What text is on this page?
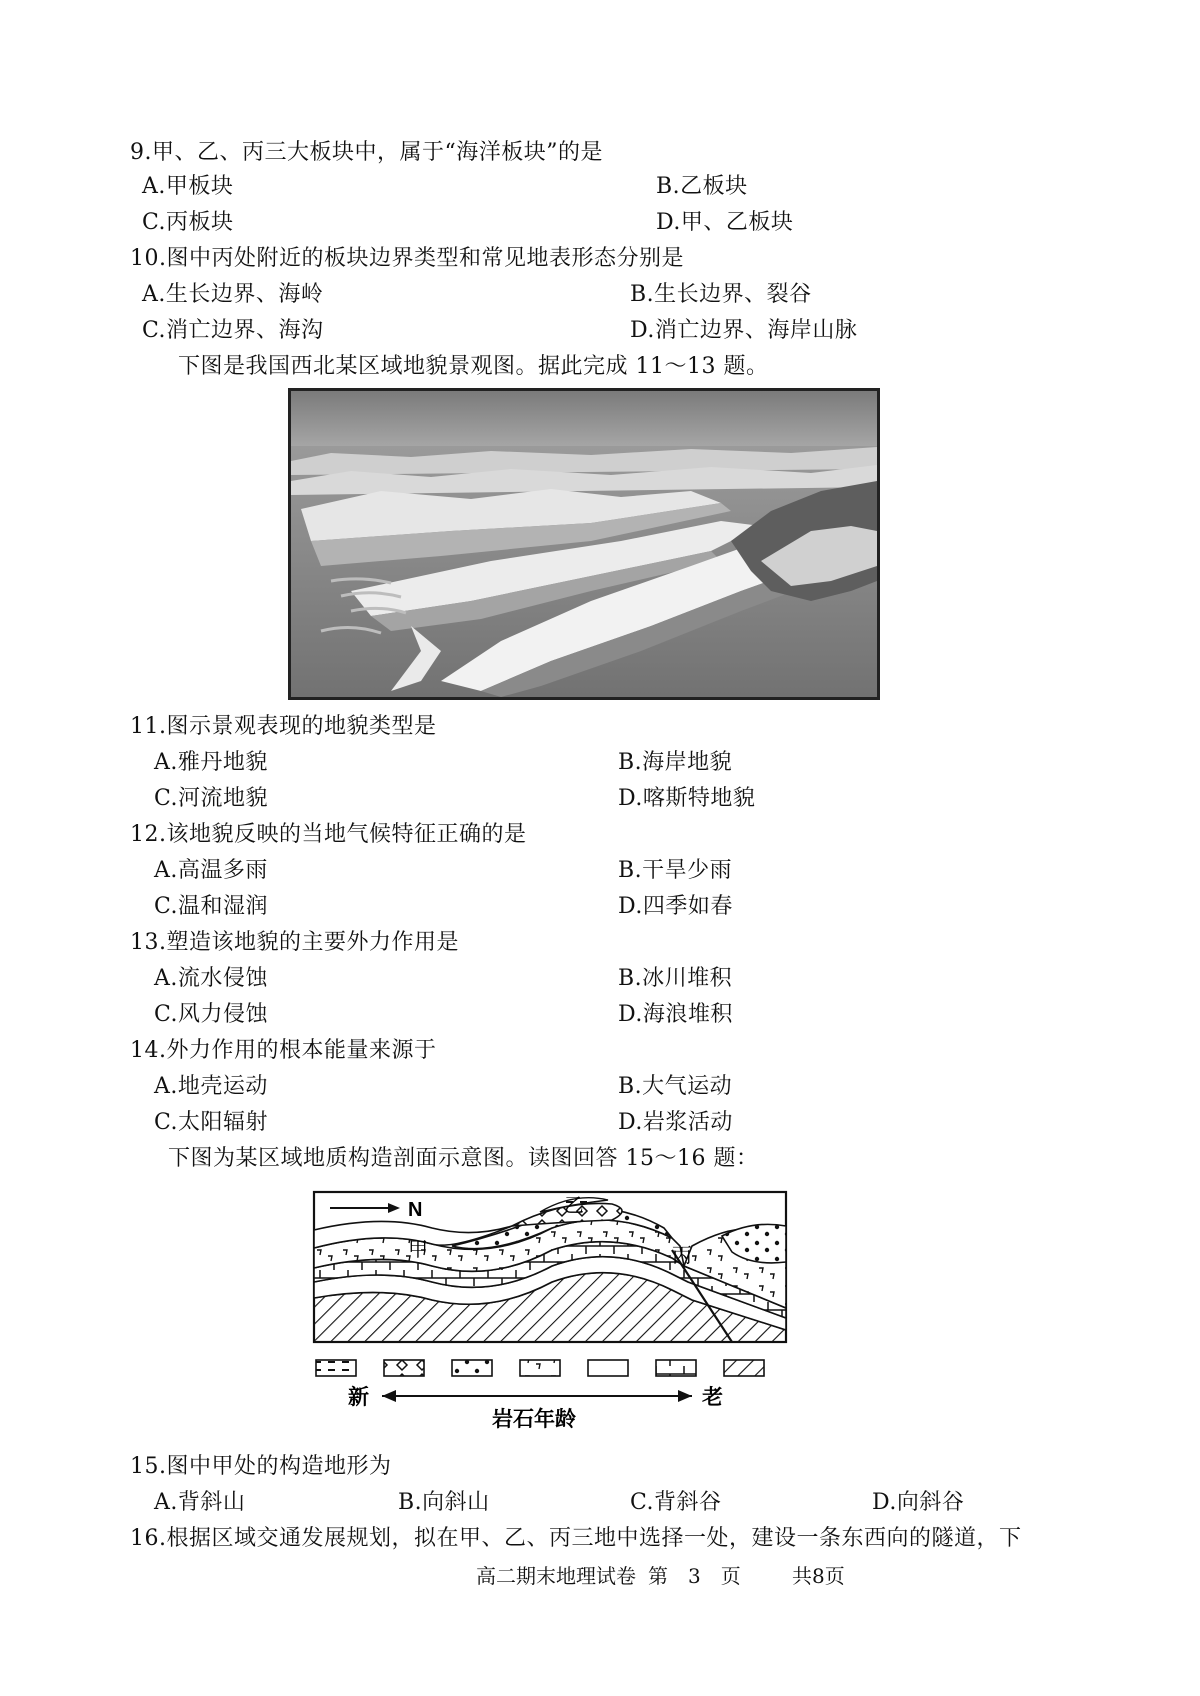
9.甲、乙、丙三大板块中，属于“海洋板块”的是
A.甲板块	B.乙板块
C.丙板块	D.甲、乙板块
10.图中丙处附近的板块边界类型和常见地表形态分别是
A.生长边界、海岭	B.生长边界、裂谷
C.消亡边界、海沟	D.消亡边界、海岸山脉
下图是我国西北某区域地貌景观图。据此完成 11～13 题。
11.图示景观表现的地貌类型是
A.雅丹地貌	B.海岸地貌
C.河流地貌	D.喀斯特地貌
12.该地貌反映的当地气候特征正确的是
A.高温多雨	B.干旱少雨
C.温和湿润	D.四季如春
13.塑造该地貌的主要外力作用是
A.流水侵蚀	B.冰川堆积
C.风力侵蚀	D.海浪堆积
14.外力作用的根本能量来源于
A.地壳运动	B.大气运动
C.太阳辐射	D.岩浆活动
下图为某区域地质构造剖面示意图。读图回答 15～16 题：
N
甲
乙
丙
新	老
岩石年龄
15.图中甲处的构造地形为
A.背斜山	B.向斜山	C.背斜谷	D.向斜谷
16.根据区域交通发展规划，拟在甲、乙、丙三地中选择一处，建设一条东西向的隧道，下
高二期末地理试卷 第　3　页	共8页
